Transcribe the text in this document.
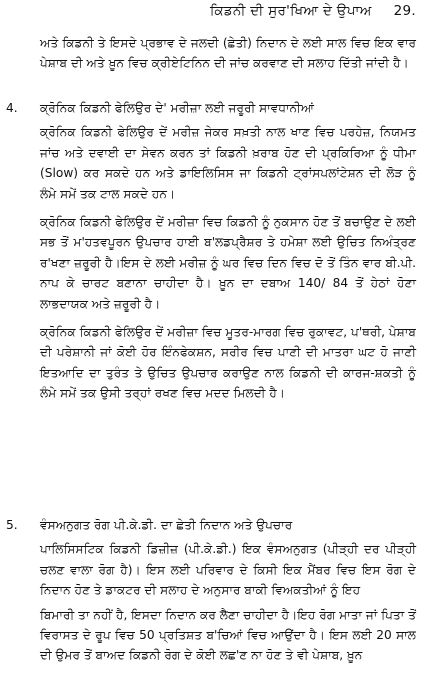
ਕਿਡਨੀ ਦੀ ਸੁਰ'ਖਿਆ ਦੇ ਉਪਾਅ 29.

ਅਤੇ ਕਿਡਨੀ ਤੇ ਇਸਦੇ ਪ੍ਰਭਾਵ ਦੇ ਜਲਦੀ (ਛੇਤੀ) ਨਿਦਾਨ ਦੇ ਲਈ ਸਾਲ ਵਿਚ ਇਕ ਵਾਰ ਪੇਸ਼ਾਬ ਦੀ ਅਤੇ ਖ਼ੂਨ ਵਿਚ ਕ੍ਰੀਏਟਿਨਿਨ ਦੀ ਜਾਂਚ ਕਰਵਾਣ ਦੀ ਸਲਾਹ ਦਿੱਤੀ ਜਾਂਦੀ ਹੈ।

4. ਕ੍ਰੋਨਿਕ ਕਿਡਨੀ ਫੇਲਿਉਰ ਦੇ' ਮਰੀਜ਼ਾ ਲਈ ਜਰੂਰੀ ਸਾਵਧਾਨੀਆਂ

ਕ੍ਰੋਨਿਕ ਕਿਡਨੀ ਫੇਲਿਉਰ ਦੇਂ ਮਰੀਜ਼ ਜੇਕਰ ਸਖ਼ਤੀ ਨਾਲ ਖਾਣ ਵਿਚ ਪਰਹੇਜ਼, ਨਿਯਮਤ ਜਾਂਚ ਅਤੇ ਦਵਾਈ ਦਾ ਸੇਵਨ ਕਰਨ ਤਾਂ ਕਿਡਨੀ ਖ਼ਰਾਬ ਹੋਣ ਦੀ ਪ੍ਰਕਿਰਿਆ ਨੂੰ ਧੀਮਾ (Slow) ਕਰ ਸਕਦੇ ਹਨ ਅਤੇ ਡਾਇਲਿਸਿਸ ਜਾ ਕਿਡਨੀ ਟ੍ਰਾਂਸਪਲਾਂਟੇਸ਼ਨ ਦੀ ਲੋੜ ਨੂੰ ਲੰਮੇ ਸਮੇਂ ਤਕ ਟਾਲ ਸਕਦੇ ਹਨ।

ਕ੍ਰੋਨਿਕ ਕਿਡਨੀ ਫੇਲਿਉਰ ਦੇਂ ਮਰੀਜ਼ਾ ਵਿਚ ਕਿਡਨੀ ਨੂੰ ਨੁਕਸਾਨ ਹੋਣ ਤੋਂ ਬਚਾਉਣ ਦੇ ਲਈ ਸਭ ਤੋਂ ਮ'ਹਤਵਪੂਰਨ ਉਪਚਾਰ ਹਾਈ ਬ'ਲਡਪ੍ਰੈਸ਼ਰ ਤੇ ਹਮੇਸ਼ਾ ਲਈ ਉਚਿਤ ਨਿਅੰਤ੍ਰਣ ਰ'ਖਣਾ ਜ਼ਰੂਰੀ ਹੈ।ਇਸ ਦੇ ਲਈ ਮਰੀਜ਼ ਨੂੰ ਘਰ ਵਿਚ ਦਿਨ ਵਿਚ ਦੋ ਤੋਂ ਤਿੰਨ ਵਾਰ ਬੀ.ਪੀ. ਨਾਪ ਕੇ ਚਾਰਟ ਬਣਾਨਾ ਚਾਹੀਦਾ ਹੈ। ਖ਼ੂਨ ਦਾ ਦਬਾਅ 140/ 84 ਤੋਂ ਹੇਠਾਂ ਹੋਣਾ ਲਾਭਦਾਯਕ ਅਤੇ ਜ਼ਰੂਰੀ ਹੈ।

ਕ੍ਰੋਨਿਕ ਕਿਡਨੀ ਫੇਲਿਉਰ ਦੇਂ ਮਰੀਜ਼ਾ ਵਿਚ ਮੂਤਰ-ਮਾਰਗ ਵਿਚ ਰੁਕਾਵਟ, ਪ'ਥਰੀ, ਪੇਸ਼ਾਬ ਦੀ ਪਰੇਸ਼ਾਨੀ ਜਾਂ ਕੋਈ ਹੋਰ ਇੰਨਫੇਕਸ਼ਨ, ਸਰੀਰ ਵਿਚ ਪਾਣੀ ਦੀ ਮਾਤਰਾ ਘਟ ਹੋ ਜਾਣੀ ਇਤਆਦਿ ਦਾ ਤੁਰੰਤ ਤੇ ਉਚਿਤ ਉਪਚਾਰ ਕਰਾਉਣ ਨਾਲ ਕਿਡਨੀ ਦੀ ਕਾਰਜ-ਸ਼ਕਤੀ ਨੂੰ ਲੰਮੇ ਸਮੇਂ ਤਕ ਉਸੀ ਤਰ੍ਹਾਂ ਰਖਣ ਵਿਚ ਮਦਦ ਮਿਲਦੀ ਹੈ।

5. ਵੰਸਅਨੁਗਤ ਰੋਗ ਪੀ.ਕੇ.ਡੀ. ਦਾ ਛੇਤੀ ਨਿਦਾਨ ਅਤੇ ਉਪਚਾਰ

ਪਾਲਿਸਿਸਟਿਕ ਕਿਡਨੀ ਡਿਜ਼ੀਜ਼ (ਪੀ.ਕੇ.ਡੀ.) ਇਕ ਵੰਸਅਨੁਗਤ (ਪੀੜ੍ਹੀ ਦਰ ਪੀੜ੍ਹੀ ਚਲਣ ਵਾਲਾ ਰੋਗ ਹੈ)। ਇਸ ਲਈ ਪਰਿਵਾਰ ਦੇ ਕਿਸੀ ਇਕ ਮੈਂਬਰ ਵਿਚ ਇਸ ਰੋਗ ਦੇ ਨਿਦਾਨ ਹੋਣ ਤੇ ਡਾਕਟਰ ਦੀ ਸਲਾਹ ਦੇ ਅਨੁਸਾਰ ਬਾਕੀ ਵਿਅਕਤੀਆਂ ਨੂੰ ਇਹ

ਬਿਮਾਰੀ ਤਾ ਨਹੀਂ ਹੈ, ਇਸਦਾ ਨਿਦਾਨ ਕਰ ਲੈਣਾ ਚਾਹੀਦਾ ਹੈ।ਇਹ ਰੋਗ ਮਾਤਾ ਜਾਂ ਪਿਤਾ ਤੋਂ ਵਿਰਾਸਤ ਦੇ ਰੂਪ ਵਿਚ 50 ਪ੍ਰਤਿਸ਼ਤ ਬ'ਚਿਆਂ ਵਿਚ ਆਉਂਦਾ ਹੈ। ਇਸ ਲਈ 20 ਸਾਲ ਦੀ ਉਮਰ ਤੋਂ ਬਾਅਦ ਕਿਡਨੀ ਰੋਗ ਦੇ ਕੋਈ ਲਛ'ਣ ਨਾ ਹੋਣ ਤੇ ਵੀ ਪੇਸ਼ਾਬ, ਖ਼ੂਨ
